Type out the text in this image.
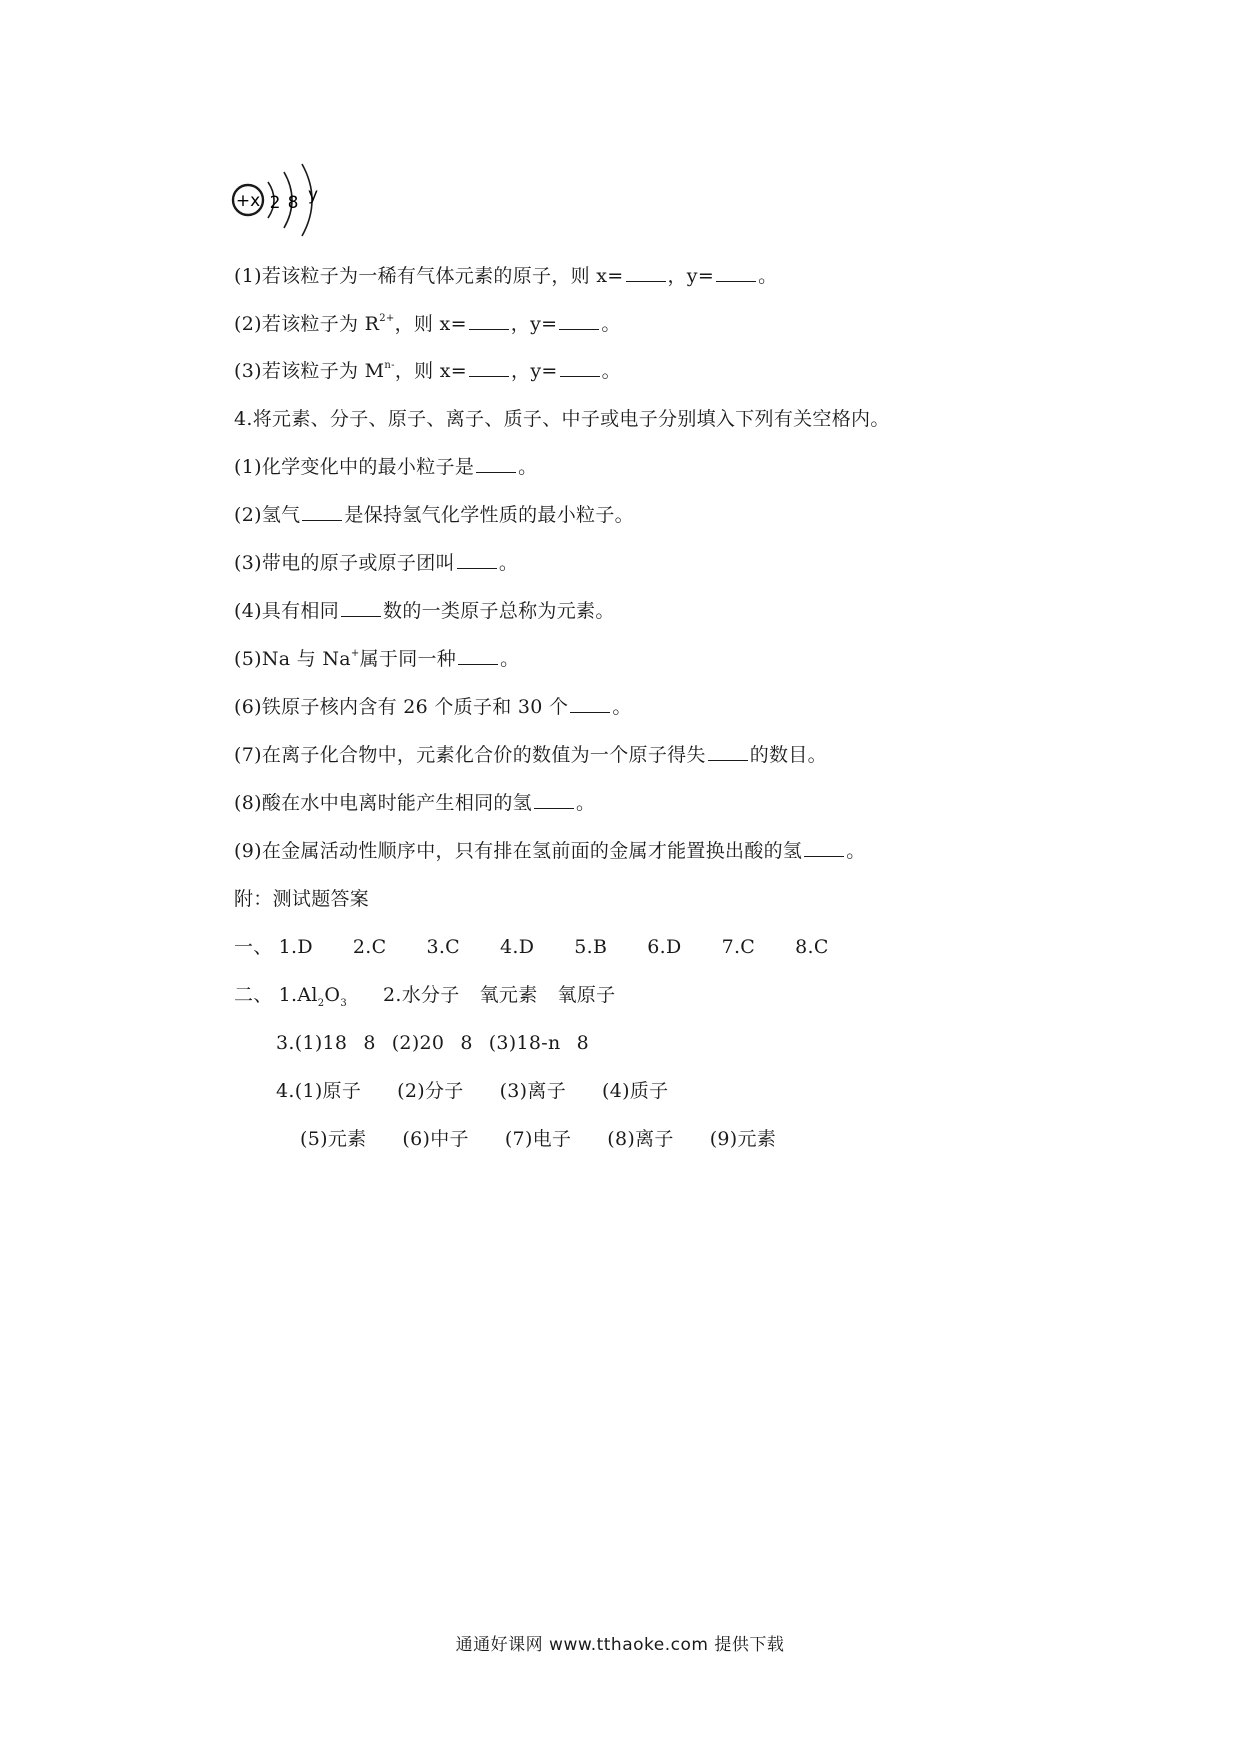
+x 2 8 y
(1)若该粒子为一稀有气体元素的原子，则 x= ，y= 。
(2)若该粒子为 $R^{2+}$，则 x= ，y= 。
(3)若该粒子为 $M^{n-}$，则 x= ，y= 。
4.将元素、分子、原子、离子、质子、中子或电子分别填入下列有关空格内。
(1)化学变化中的最小粒子是 。
(2)氢气 是保持氢气化学性质的最小粒子。
(3)带电的原子或原子团叫 。
(4)具有相同 数的一类原子总称为元素。
(5)Na 与 Na+属于同一种 。
(6)铁原子核内含有 26 个质子和 30 个 。
(7)在离子化合物中，元素化合价的数值为一个原子得失 的数目。
(8)酸在水中电离时能产生相同的氢 。
(9)在金属活动性顺序中，只有排在氢前面的金属才能置换出酸的氢 。
附：测试题答案
一、 1.D 2.C 3.C 4.D 5.B 6.D 7.C 8.C
二、 $1.Al_2O_3$ 2.水分子 氧元素 氧原子
3.(1)18 8 (2)20 8 (3)18-n 8
4.(1)原子 (2)分子 (3)离子 (4)质子
(5)元素 (6)中子 (7)电子 (8)离子 (9)元素
通通好课网 www.tthaoke.com 提供下载
